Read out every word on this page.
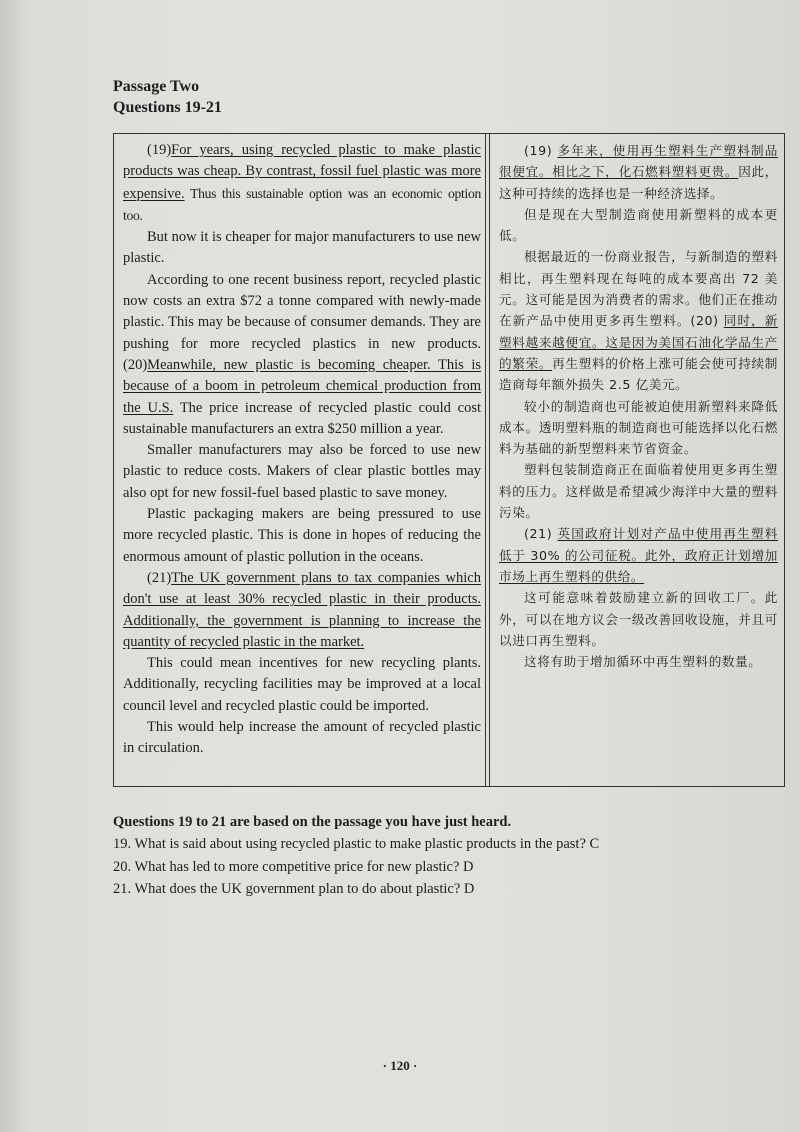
Passage Two
Questions 19-21

(19)For years, using recycled plastic to make plastic products was cheap. By contrast, fossil fuel plastic was more expensive. Thus this sustainable option was an economic option too.

But now it is cheaper for major manufacturers to use new plastic.

According to one recent business report, recycled plastic now costs an extra $72 a tonne compared with newly-made plastic. This may be because of consumer demands. They are pushing for more recycled plastics in new products. (20)Meanwhile, new plastic is becoming cheaper. This is because of a boom in petroleum chemical production from the U.S. The price increase of recycled plastic could cost sustainable manufacturers an extra $250 million a year.

Smaller manufacturers may also be forced to use new plastic to reduce costs. Makers of clear plastic bottles may also opt for new fossil-fuel based plastic to save money.

Plastic packaging makers are being pressured to use more recycled plastic. This is done in hopes of reducing the enormous amount of plastic pollution in the oceans.

(21)The UK government plans to tax companies which don't use at least 30% recycled plastic in their products. Additionally, the government is planning to increase the quantity of recycled plastic in the market.

This could mean incentives for new recycling plants. Additionally, recycling facilities may be improved at a local council level and recycled plastic could be imported.

This would help increase the amount of recycled plastic in circulation.

(19) 多年来，使用再生塑料生产塑料制品很便宜。相比之下，化石燃料塑料更贵。因此，这种可持续的选择也是一种经济选择。

但是现在大型制造商使用新塑料的成本更低。

根据最近的一份商业报告，与新制造的塑料相比，再生塑料现在每吨的成本要高出 72 美元。这可能是因为消费者的需求。他们正在推动在新产品中使用更多再生塑料。(20) 同时，新塑料越来越便宜。这是因为美国石油化学品生产的繁荣。再生塑料的价格上涨可能会使可持续制造商每年额外损失 2.5 亿美元。

较小的制造商也可能被迫使用新塑料来降低成本。透明塑料瓶的制造商也可能选择以化石燃料为基础的新型塑料来节省资金。

塑料包装制造商正在面临着使用更多再生塑料的压力。这样做是希望减少海洋中大量的塑料污染。

(21) 英国政府计划对产品中使用再生塑料低于 30% 的公司征税。此外，政府正计划增加市场上再生塑料的供给。

这可能意味着鼓励建立新的回收工厂。此外，可以在地方议会一级改善回收设施，并且可以进口再生塑料。

这将有助于增加循环中再生塑料的数量。

Questions 19 to 21 are based on the passage you have just heard.
19. What is said about using recycled plastic to make plastic products in the past? C
20. What has led to more competitive price for new plastic? D
21. What does the UK government plan to do about plastic? D
· 120 ·
